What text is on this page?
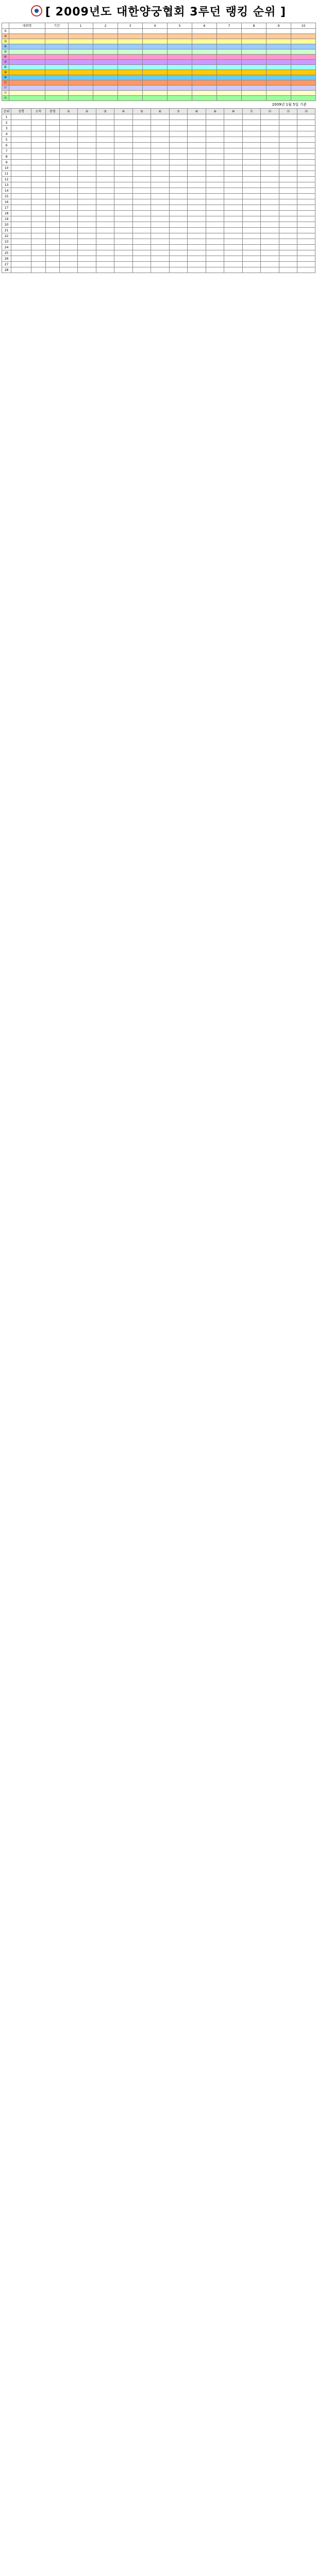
[ 2009년도 대한양궁협회 3루던 랭킹 순위 ]
	대회명	기간	1	2	3	4	5	6	7	8	9	10
①												
②												
③												
④												
⑤												
⑥												
⑦												
⑧												
⑨												
⑩												
⑪												
⑫												
⑬												
⑭												
2009년 1월 5일 기준
순위	성명	소속	총점	①	②	③	④	⑤	⑥	⑦	⑧	⑨	⑩	⑪	⑫	⑬	⑭
1																	
2																	
3																	
4																	
5																	
6																	
7																	
8																	
9																	
10																	
11																	
12																	
13																	
14																	
15																	
16																	
17																	
18																	
19																	
20																	
21																	
22																	
23																	
24																	
25																	
26																	
27																	
28																	
